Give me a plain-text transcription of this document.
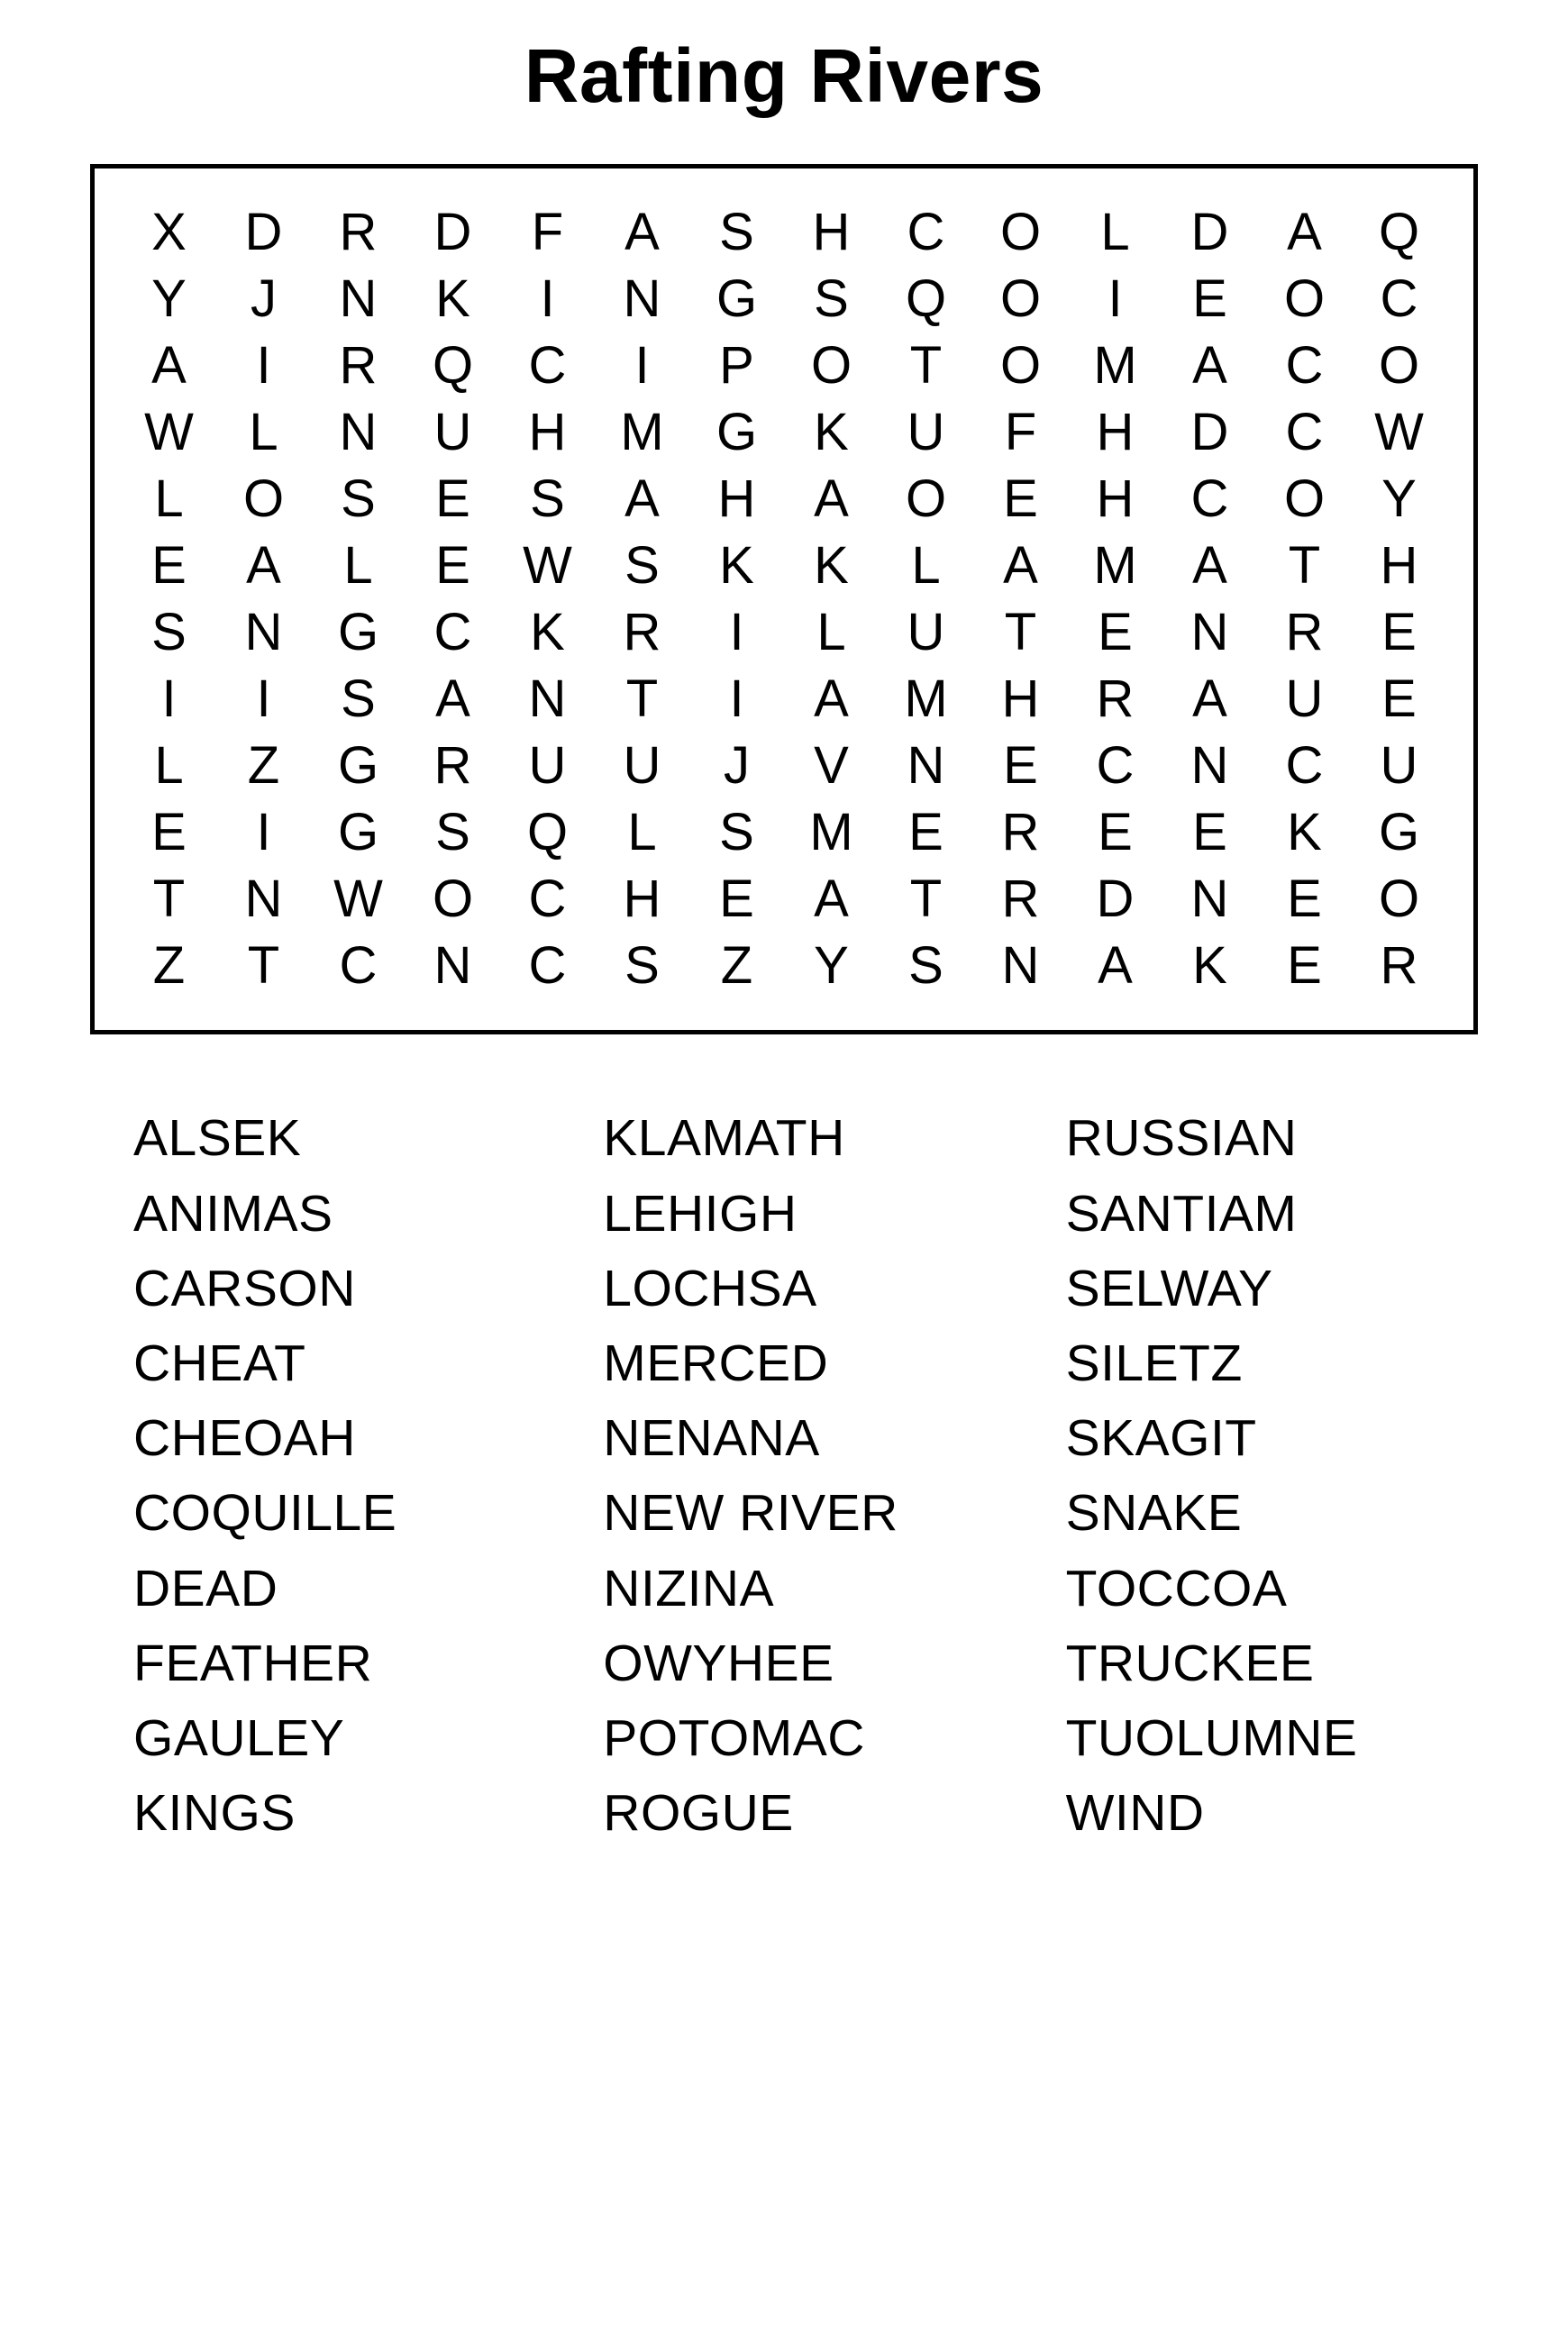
Rafting Rivers
X	D	R	D	F	A	S	H	C	O	L	D	A	Q
Y	J	N	K	I	N	G	S	Q	O	I	E	O	C
A	I	R	Q	C	I	P	O	T	O	M	A	C	O
W	L	N	U	H	M	G	K	U	F	H	D	C	W
L	O	S	E	S	A	H	A	O	E	H	C	O	Y
E	A	L	E	W	S	K	K	L	A	M	A	T	H
S	N	G	C	K	R	I	L	U	T	E	N	R	E
I	I	S	A	N	T	I	A	M	H	R	A	U	E
L	Z	G	R	U	U	J	V	N	E	C	N	C	U
E	I	G	S	Q	L	S	M	E	R	E	E	K	G
T	N	W	O	C	H	E	A	T	R	D	N	E	O
Z	T	C	N	C	S	Z	Y	S	N	A	K	E	R
ALSEK
ANIMAS
CARSON
CHEAT
CHEOAH
COQUILLE
DEAD
FEATHER
GAULEY
KINGS
KLAMATH
LEHIGH
LOCHSA
MERCED
NENANA
NEW RIVER
NIZINA
OWYHEE
POTOMAC
ROGUE
RUSSIAN
SANTIAM
SELWAY
SILETZ
SKAGIT
SNAKE
TOCCOA
TRUCKEE
TUOLUMNE
WIND
